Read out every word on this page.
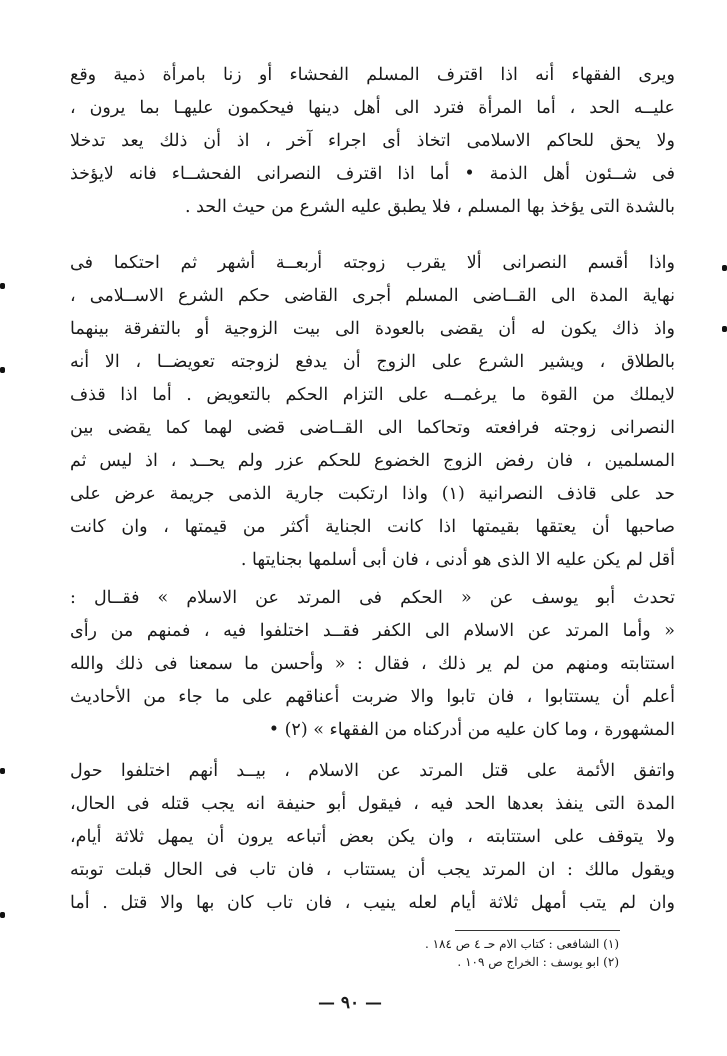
ويرى الفقهاء أنه اذا اقترف المسلم الفحشاء أو زنا بامرأة ذمية وقع
عليــه الحد ، أما المرأة فترد الى أهل دينها فيحكمون عليهـا بما يرون ،
ولا يحق للحاكم الاسلامى اتخاذ أى اجراء آخر ، اذ أن ذلك يعد تدخلا
فى شــئون أهل الذمة • أما اذا اقترف النصرانى الفحشــاء فانه لايؤخذ
بالشدة التى يؤخذ بها المسلم ، فلا يطبق عليه الشرع من حيث الحد .
واذا أقسم النصرانى ألا يقرب زوجته أربعــة أشهر ثم احتكما فى
نهاية المدة الى القــاضى المسلم أجرى القاضى حكم الشرع الاســلامى ،
واذ ذاك يكون له أن يقضى بالعودة الى بيت الزوجية أو بالتفرقة بينهما
بالطلاق ، ويشير الشرع على الزوج أن يدفع لزوجته تعويضــا ، الا أنه
لايملك من القوة ما يرغمــه على التزام الحكم بالتعويض . أما اذا قذف
النصرانى زوجته فرافعته وتحاكما الى القــاضى قضى لهما كما يقضى بين
المسلمين ، فان رفض الزوج الخضوع للحكم عزر ولم يحــد ، اذ ليس ثم
حد على قاذف النصرانية (١) واذا ارتكبت جارية الذمى جريمة عرض على
صاحبها أن يعتقها بقيمتها اذا كانت الجناية أكثر من قيمتها ، وان كانت
أقل لم يكن عليه الا الذى هو أدنى ، فان أبى أسلمها بجنايتها .
تحدث أبو يوسف عن « الحكم فى المرتد عن الاسلام » فقــال :
« وأما المرتد عن الاسلام الى الكفر فقــد اختلفوا فيه ، فمنهم من رأى
استتابته ومنهم من لم ير ذلك ، فقال : « وأحسن ما سمعنا فى ذلك والله
أعلم أن يستتابوا ، فان تابوا والا ضربت أعناقهم على ما جاء من الأحاديث
المشهورة ، وما كان عليه من أدركناه من الفقهاء » (٢) •
واتفق الأئمة على قتل المرتد عن الاسلام ، بيــد أنهم اختلفوا حول
المدة التى ينفذ بعدها الحد فيه ، فيقول أبو حنيفة انه يجب قتله فى الحال،
ولا يتوقف على استتابته ، وان يكن بعض أتباعه يرون أن يمهل ثلاثة أيام،
ويقول مالك : ان المرتد يجب أن يستتاب ، فان تاب فى الحال قبلت توبته
وان لم يتب أمهل ثلاثة أيام لعله ينيب ، فان تاب كان بها والا قتل . أما
(١) الشافعى : كتاب الام حـ ٤ ص ١٨٤ .
(٢) ابو يوسف : الخراج ص ١٠٩ .
— ٩٠ —
